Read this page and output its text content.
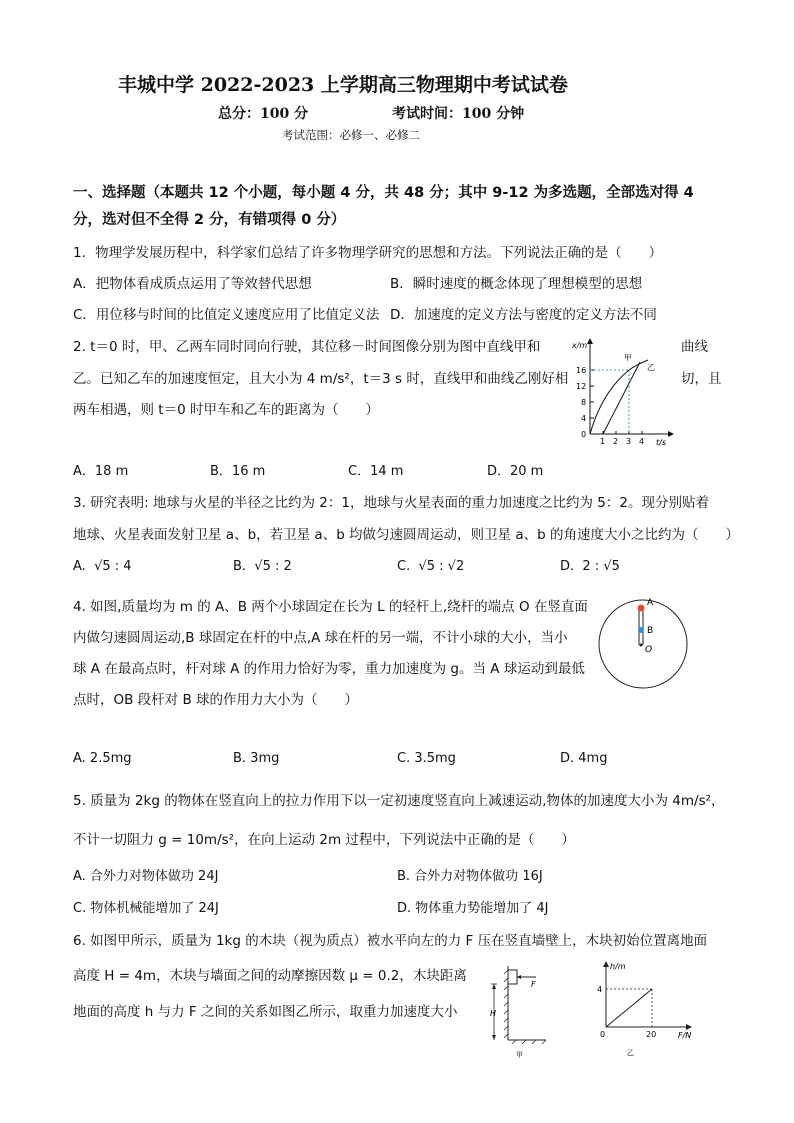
丰城中学 2022-2023 上学期高三物理期中考试试卷
总分：100 分	考试时间：100 分钟
考试范围：必修一、必修二
一、选择题（本题共 12 个小题，每小题 4 分，共 48 分；其中 9-12 为多选题，全部选对得 4
分，选对但不全得 2 分，有错项得 0 分）
1．物理学发展历程中，科学家们总结了许多物理学研究的思想和方法。下列说法正确的是（　　）
A．把物体看成质点运用了等效替代思想	B．瞬时速度的概念体现了理想模型的思想
C．用位移与时间的比值定义速度应用了比值定义法 D．加速度的定义方法与密度的定义方法不同
2. t＝0 时，甲、乙两车同时同向行驶，其位移－时间图像分别为图中直线甲和	曲线
乙。已知乙车的加速度恒定，且大小为 4 m/s²，t＝3 s 时，直线甲和曲线乙刚好相	切，且
两车相遇，则 t＝0 时甲车和乙车的距离为（　　）
x/m
t/s
16
12
8
4
0
1 2 3 4
甲
乙
A．18 m	B．16 m	C．14 m	D．20 m
3. 研究表明: 地球与火星的半径之比约为 2：1，地球与火星表面的重力加速度之比约为 5：2。现分别贴着
地球、火星表面发射卫星 a、b，若卫星 a、b 均做匀速圆周运动，则卫星 a、b 的角速度大小之比约为（　　）
A. √5 : 4	B. √5 : 2	C. √5 : √2	D. 2 : √5
4. 如图,质量均为 m 的 A、B 两个小球固定在长为 L 的轻杆上,绕杆的端点 O 在竖直面
内做匀速圆周运动,B 球固定在杆的中点,A 球在杆的另一端，不计小球的大小，当小
球 A 在最高点时，杆对球 A 的作用力恰好为零，重力加速度为 g。当 A 球运动到最低
点时，OB 段杆对 B 球的作用力大小为（　　）
A
B
O
A. 2.5mg	B. 3mg	C. 3.5mg	D. 4mg
5. 质量为 2kg 的物体在竖直向上的拉力作用下以一定初速度竖直向上减速运动,物体的加速度大小为 4m/s²，
不计一切阻力 g = 10m/s²，在向上运动 2m 过程中，下列说法中正确的是（　　）
A. 合外力对物体做功 24J	B. 合外力对物体做功 16J
C. 物体机械能增加了 24J	D. 物体重力势能增加了 4J
6. 如图甲所示，质量为 1kg 的木块（视为质点）被水平向左的力 F 压在竖直墙壁上，木块初始位置离地面
高度 H = 4m，木块与墙面之间的动摩擦因数 μ = 0.2，木块距离
地面的高度 h 与力 F 之间的关系如图乙所示，取重力加速度大小
F
H
甲
h/m
F/N
4
20
0
乙
